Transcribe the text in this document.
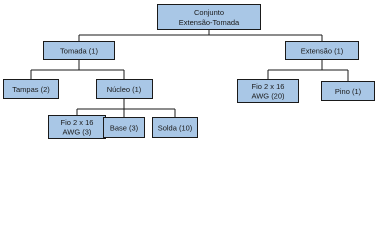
Conjunto
Extensão-Tomada
Tomada (1)	Extensão (1)
Tampas (2)	Núcleo (1)	Fio 2 x 16
AWG (20)	Pino (1)
Fio 2 x 16
AWG (3) Base (3)	Solda (10)
